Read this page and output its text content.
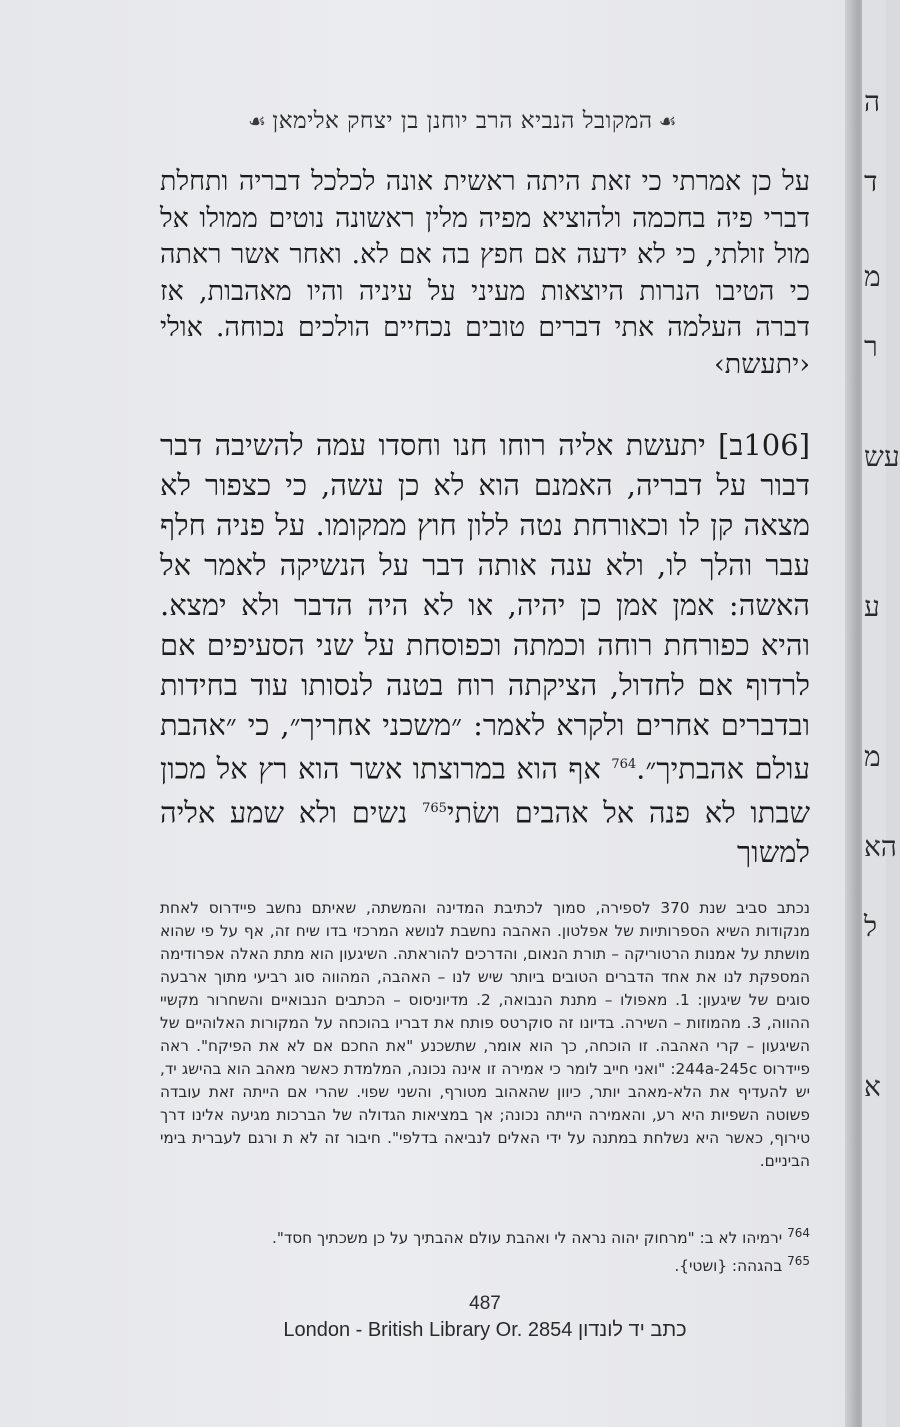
☙המקובל הנביא הרב יוחנן בן יצחק אלימאן☙
על כן אמרתי כי זאת היתה ראשית אונה לכלכל דבריה ותחלת דברי פיה בחכמה ולהוציא מפיה מלין ראשונה נוטים ממולו אל מול זולתי, כי לא ידעה אם חפץ בה אם לא. ואחר אשר ראתה כי הטיבו הנרות היוצאות מעיני על עיניה והיו מאהבות, אז דברה העלמה אתי דברים טובים נכחיים הולכים נכוחה. אולי ‹יתעשת›
[106ב] יתעשת אליה רוחו חנו וחסדו עמה להשיבה דבר דבור על דבריה, האמנם הוא לא כן עשה, כי כצפור לא מצאה קן לו וכאורחת נטה ללון חוץ ממקומו. על פניה חלף עבר והלך לו, ולא ענה אותה דבר על הנשיקה לאמר אל האשה: אמן אמן כן יהיה, או לא היה הדבר ולא ימצא. והיא כפורחת רוחה וכמתה וכפוסחת על שני הסעיפים אם לרדוף אם לחדול, הציקתה רוח בטנה לנסותו עוד בחידות ובדברים אחרים ולקרא לאמר: ״משכני אחריך״, כי ״אהבת עולם אהבתיך״.$^{764}$ אף הוא במרוצתו אשר הוא רץ אל מכון שבתו לא פנה אל אהבים ושׂתי$^{765}$ נשים ולא שמע אליה למשוך
נכתב סביב שנת 370 לספירה, סמוך לכתיבת המדינה והמשתה, שאיתם נחשב פיידרוס לאחת מנקודות השיא הספרותיות של אפלטון. האהבה נחשבת לנושא המרכזי בדו שיח זה, אף על פי שהוא מושתת על אמנות הרטוריקה – תורת הנאום, והדרכים להוראתה. השיגעון הוא מתת האלה אפרודימה המספקת לנו את אחד הדברים הטובים ביותר שיש לנו – האהבה, המהווה סוג רביעי מתוך ארבעה סוגים של שיגעון: 1. מאפולו – מתנת הנבואה, 2. מדיוניסוס – הכתבים הנבואיים והשחרור מקשיי ההווה, 3. מהמוזות – השירה. בדיונו זה סוקרטס פותח את דבריו בהוכחה על המקורות האלוהיים של השיגעון – קרי האהבה. זו הוכחה, כך הוא אומר, שתשכנע "את החכם אם לא את הפיקח". ראה פיידרוס 244a-245c: "ואני חייב לומר כי אמירה זו אינה נכונה, המלמדת כאשר מאהב הוא בהישג יד, יש להעדיף את הלא-מאהב יותר, כיוון שהאהוב מטורף, והשני שפוי. שהרי אם הייתה זאת עובדה פשוטה השפיות היא רע, והאמירה הייתה נכונה; אך במציאות הגדולה של הברכות מגיעה אלינו דרך טירוף, כאשר היא נשלחת במתנה על ידי האלים לנביאה בדלפי". חיבור זה לא ת ורגם לעברית בימי הביניים.
$^{764}$ ירמיהו לא ב: "מרחוק יהוה נראה לי ואהבת עולם אהבתיך על כן משכתיך חסד".
$^{765}$ בהגהה: {ושטי}.
487
London - British Library Or. 2854 כתב יד לונדון
ה
ד
מ
ר
עש
ע
מ
הא
ל
א
